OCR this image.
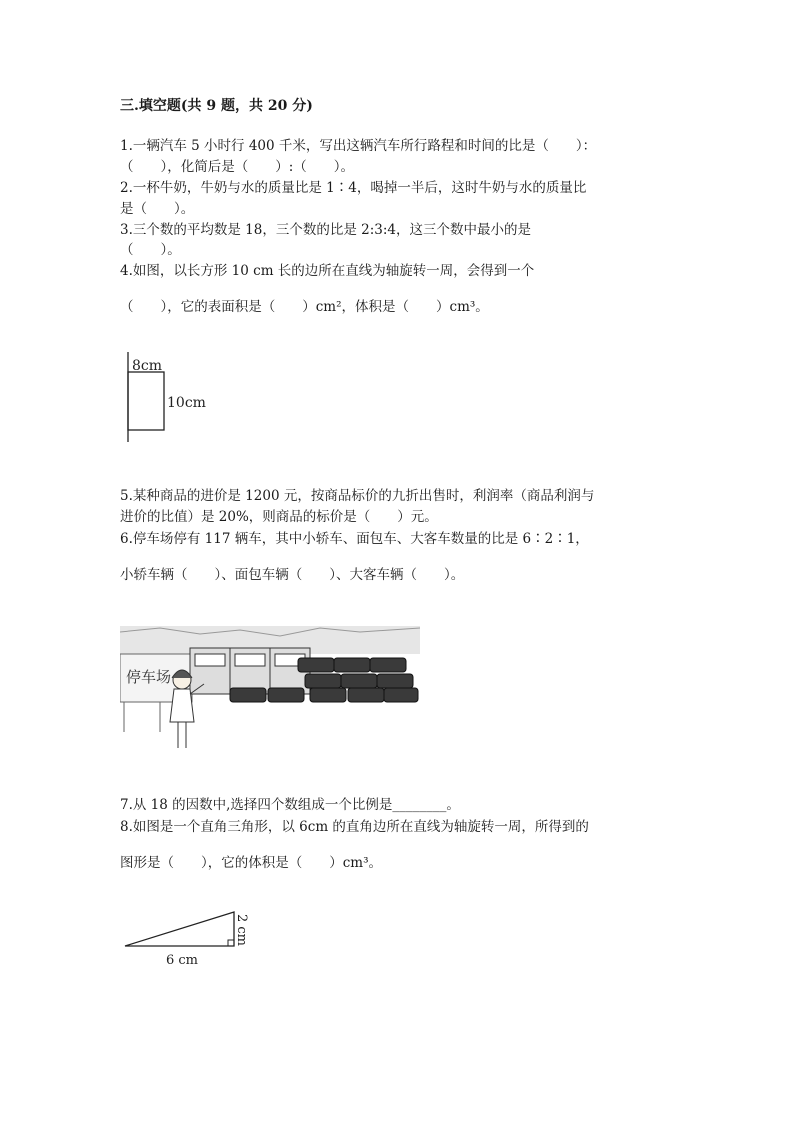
三.填空题(共 9 题，共 20 分)
1.一辆汽车 5 小时行 400 千米，写出这辆汽车所行路程和时间的比是（　　）：
（　　），化简后是（　　）:（　　）。
2.一杯牛奶，牛奶与水的质量比是 1∶4，喝掉一半后，这时牛奶与水的质量比
是（　　）。
3.三个数的平均数是 18，三个数的比是 2:3:4，这三个数中最小的是
（　　）。
4.如图，以长方形 10 cm 长的边所在直线为轴旋转一周，会得到一个
（　　），它的表面积是（　　）cm²，体积是（　　）cm³。
8cm
10cm
5.某种商品的进价是 1200 元，按商品标价的九折出售时，利润率（商品利润与
进价的比值）是 20%，则商品的标价是（　　）元。
6.停车场停有 117 辆车，其中小轿车、面包车、大客车数量的比是 6∶2∶1，
小轿车辆（　　）、面包车辆（　　）、大客车辆（　　）。
停车场
7.从 18 的因数中,选择四个数组成一个比例是________。
8.如图是一个直角三角形，以 6cm 的直角边所在直线为轴旋转一周，所得到的
图形是（　　），它的体积是（　　）cm³。
6 cm
2 cm
